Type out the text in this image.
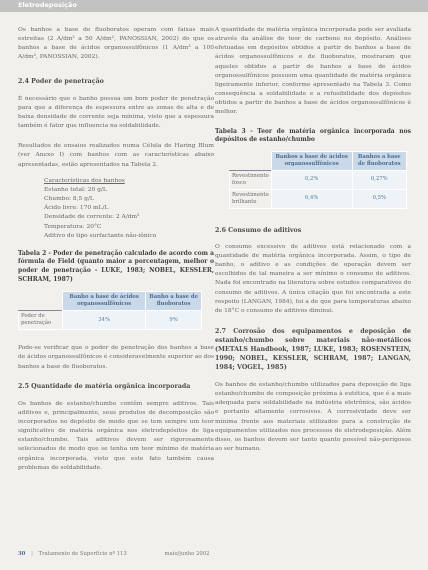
Eletrodeposição

Os banhos a base de fluoboratos operam com faixas mais estreitas (2 A/dm² a 50 A/dm², PANOSSIAN, 2002) do que os banhos a base de ácidos organossulfônicos (1 A/dm² a 100 A/dm², PANOSSIAN, 2002).

2.4 Poder de penetração

É necessário que o banho possua um bom poder de penetração para que a diferença de espessura entre as zonas de alta e de baixa densidade de corrente seja mínima, visto que a espessura também é fator que influencia na soldabilidade.

Resultados de ensaios realizados numa Célula de Haring Blum (ver Anexo I) com banhos com as características abaixo apresentadas, estão apresentados na Tabela 2.

Características dos banhos
Estanho total: 20 g/L
Chumbo: 8,5 g/L
Ácido livre: 170 mL/L
Densidade de corrente: 2 A/dm²
Temperatura: 20°C
Aditivo do tipo surfactante não-iônico
Tabela 2 - Poder de penetração calculado de acordo com a fórmula de Field (quanto maior a porcentagem, melhor o poder de penetração - LUKE, 1983; NOBEL, KESSLER, SCHRAM, 1987)
	Banho a base de ácidos organossulfônicos	Banho a base de fluoboratos
Poder de penetração	34%	9%

Pode-se verificar que o poder de penetração dos banhos a base de ácidos organossulfônicos é consideravelmente superior ao dos banhos a base de fluoboratos.

2.5 Quantidade de matéria orgânica incorporada

Os banhos de estanho/chumbo contêm sempre aditivos. Tais aditivos e, principalmente, seus produtos de decomposição são incorporados no depósito de modo que se tem sempre um teor significativo de matéria orgânica nos eletrodepósitos de liga estanho/chumbo. Tais aditivos devem ser rigorosamente selecionados de modo que se tenha um teor mínimo de matéria orgânica incorporada, visto que este fato também causa problemas de soldabilidade.

A quantidade de matéria orgânica incorporada pode ser avaliada através da análise do teor de carbono no depósito. Análises efetuadas em depósitos obtidos a partir de banhos a base de ácidos organossulfônicos e de fluoboratos, mostraram que aqueles obtidos a partir de banhos a base de ácidos organossulfônicos possuem uma quantidade de matéria orgânica ligeiramente inferior, conforme apresentado na Tabela 3. Como consequência a soldabilidade e a refusibilidade dos depósitos obtidos a partir de banhos a base de ácidos organossulfônicos é melhor.

Tabela 3 - Teor de matéria orgânica incorporada nos depósitos de estanho/chumbo
	Banhos a base de ácidos organossulfônicos	Banhos a base de fluoboratos
Revestimento fosco	0,2%	0,27%
Revestimento brilhante	0,4%	0,5%
2.6 Consumo de aditivos

O consumo excessivo de aditivos está relacionado com a quantidade de matéria orgânica incorporada. Assim, o tipo de banho, o aditivo e as condições de operação devem ser escolhidos de tal maneira a ser mínimo o consumo de aditivos. Nada foi encontrado na literatura sobre estudos comparativos do consumo de aditivos. A única citação que foi encontrada a este respeito (LANGAN, 1984), foi a de que para temperaturas abaixo de 18°C o consumo de aditivos diminui.

2.7 Corrosão dos equipamentos e deposição de estanho/chumbo sobre materiais não-metálicos (METALS Handbook, 1987; LUKE, 1983; ROSENSTEIN, 1990; NOBEL, KESSLER, SCHRAM, 1987; LANGAN, 1984; VOGEL, 1985)

Os banhos de estanho/chumbo utilizados para deposição de liga estanho/chumbo de composição próxima à eutética, que é a mais adequada para soldabilidade na indústria eletrônica, são ácidos e portanto altamente corrosivos. A corrosividade deve ser mínima frente aos materiais utilizados para a construção de equipamentos utilizados nos processos de eletrodeposição. Além disso, os banhos devem ser tanto quanto possível não-perigosos ao ser humano.

30 | Tratamento de Superfície nº 113	maio/junho 2002
